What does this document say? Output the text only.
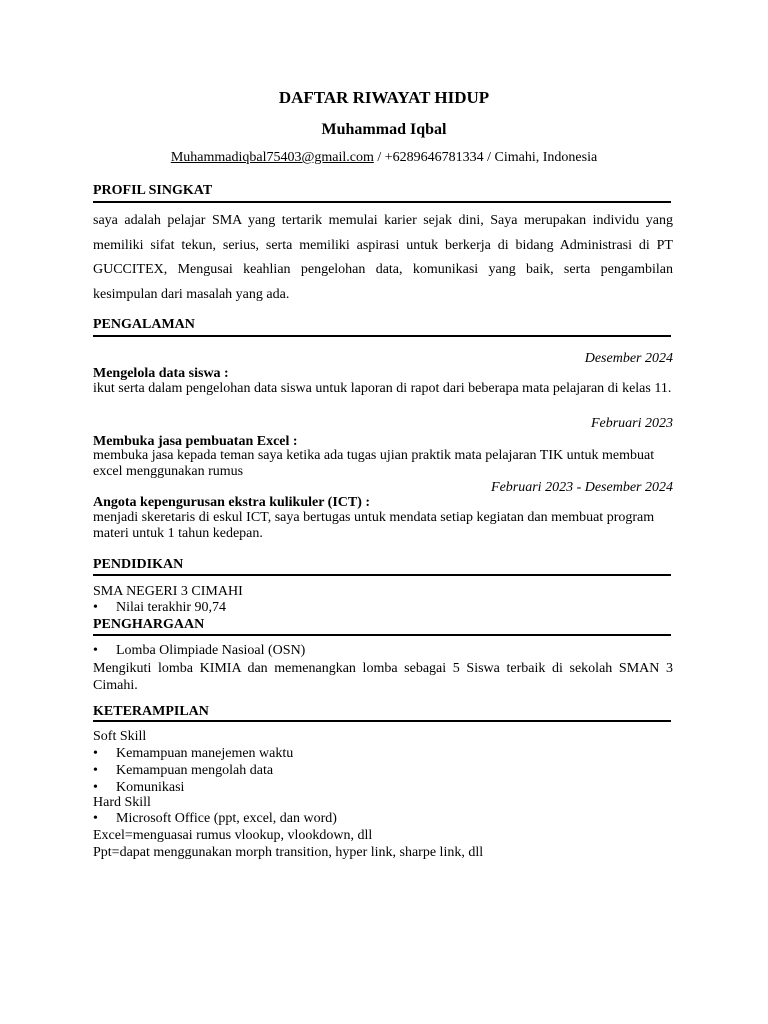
DAFTAR RIWAYAT HIDUP
Muhammad Iqbal
Muhammadiqbal75403@gmail.com / +6289646781334 / Cimahi, Indonesia
PROFIL SINGKAT

saya adalah pelajar SMA yang tertarik memulai karier sejak dini, Saya merupakan individu yang memiliki sifat tekun, serius, serta memiliki aspirasi untuk berkerja di bidang Administrasi di PT GUCCITEX, Mengusai keahlian pengelohan data, komunikasi yang baik, serta pengambilan kesimpulan dari masalah yang ada.

PENGALAMAN
Desember 2024
Mengelola data siswa :
ikut serta dalam pengelohan data siswa untuk laporan di rapot dari beberapa mata pelajaran di kelas 11.
Februari 2023
Membuka jasa pembuatan Excel :
membuka jasa kepada teman saya ketika ada tugas ujian praktik mata pelajaran TIK untuk membuat excel menggunakan rumus
Februari 2023 - Desember 2024
Angota kepengurusan ekstra kulikuler (ICT) :
menjadi skeretaris di eskul ICT, saya bertugas untuk mendata setiap kegiatan dan membuat program materi untuk 1 tahun kedepan.
PENDIDIKAN
SMA NEGERI 3 CIMAHI
• Nilai terakhir 90,74
PENGHARGAAN
• Lomba Olimpiade Nasioal (OSN)
Mengikuti lomba KIMIA dan memenangkan lomba sebagai 5 Siswa terbaik di sekolah SMAN 3 Cimahi.
KETERAMPILAN
Soft Skill
• Kemampuan manejemen waktu
• Kemampuan mengolah data
• Komunikasi
Hard Skill
• Microsoft Office (ppt, excel, dan word)
Excel=menguasai rumus vlookup, vlookdown, dll
Ppt=dapat menggunakan morph transition, hyper link, sharpe link, dll
